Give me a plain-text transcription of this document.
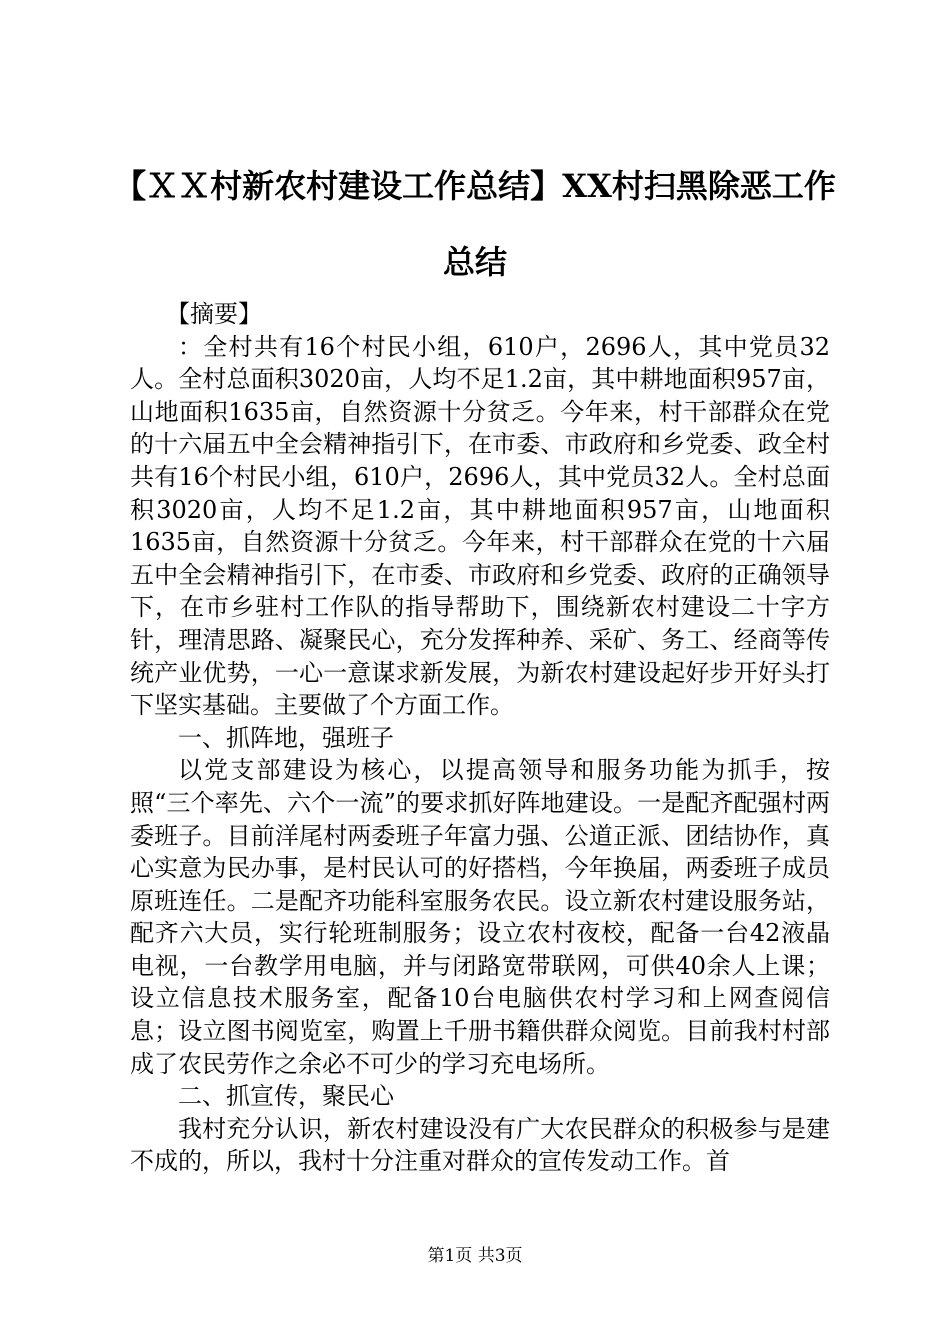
【ＸＸ村新农村建设工作总结】XX村扫黑除恶工作总结

【摘要】

：全村共有16个村民小组，610户，2696人，其中党员32人。全村总面积3020亩，人均不足1.2亩，其中耕地面积957亩，山地面积1635亩，自然资源十分贫乏。今年来，村干部群众在党的十六届五中全会精神指引下，在市委、市政府和乡党委、政全村共有16个村民小组，610户，2696人，其中党员32人。全村总面积3020亩，人均不足1.2亩，其中耕地面积957亩，山地面积1635亩，自然资源十分贫乏。今年来，村干部群众在党的十六届五中全会精神指引下，在市委、市政府和乡党委、政府的正确领导下，在市乡驻村工作队的指导帮助下，围绕新农村建设二十字方针，理清思路、凝聚民心，充分发挥种养、采矿、务工、经商等传统产业优势，一心一意谋求新发展，为新农村建设起好步开好头打下坚实基础。主要做了个方面工作。

一、抓阵地，强班子

以党支部建设为核心，以提高领导和服务功能为抓手，按照“三个率先、六个一流”的要求抓好阵地建设。一是配齐配强村两委班子。目前洋尾村两委班子年富力强、公道正派、团结协作，真心实意为民办事，是村民认可的好搭档，今年换届，两委班子成员原班连任。二是配齐功能科室服务农民。设立新农村建设服务站，配齐六大员，实行轮班制服务；设立农村夜校，配备一台42液晶电视，一台教学用电脑，并与闭路宽带联网，可供40余人上课；设立信息技术服务室，配备10台电脑供农村学习和上网查阅信息；设立图书阅览室，购置上千册书籍供群众阅览。目前我村村部成了农民劳作之余必不可少的学习充电场所。

二、抓宣传，聚民心

我村充分认识，新农村建设没有广大农民群众的积极参与是建不成的，所以，我村十分注重对群众的宣传发动工作。首

第1页 共3页
